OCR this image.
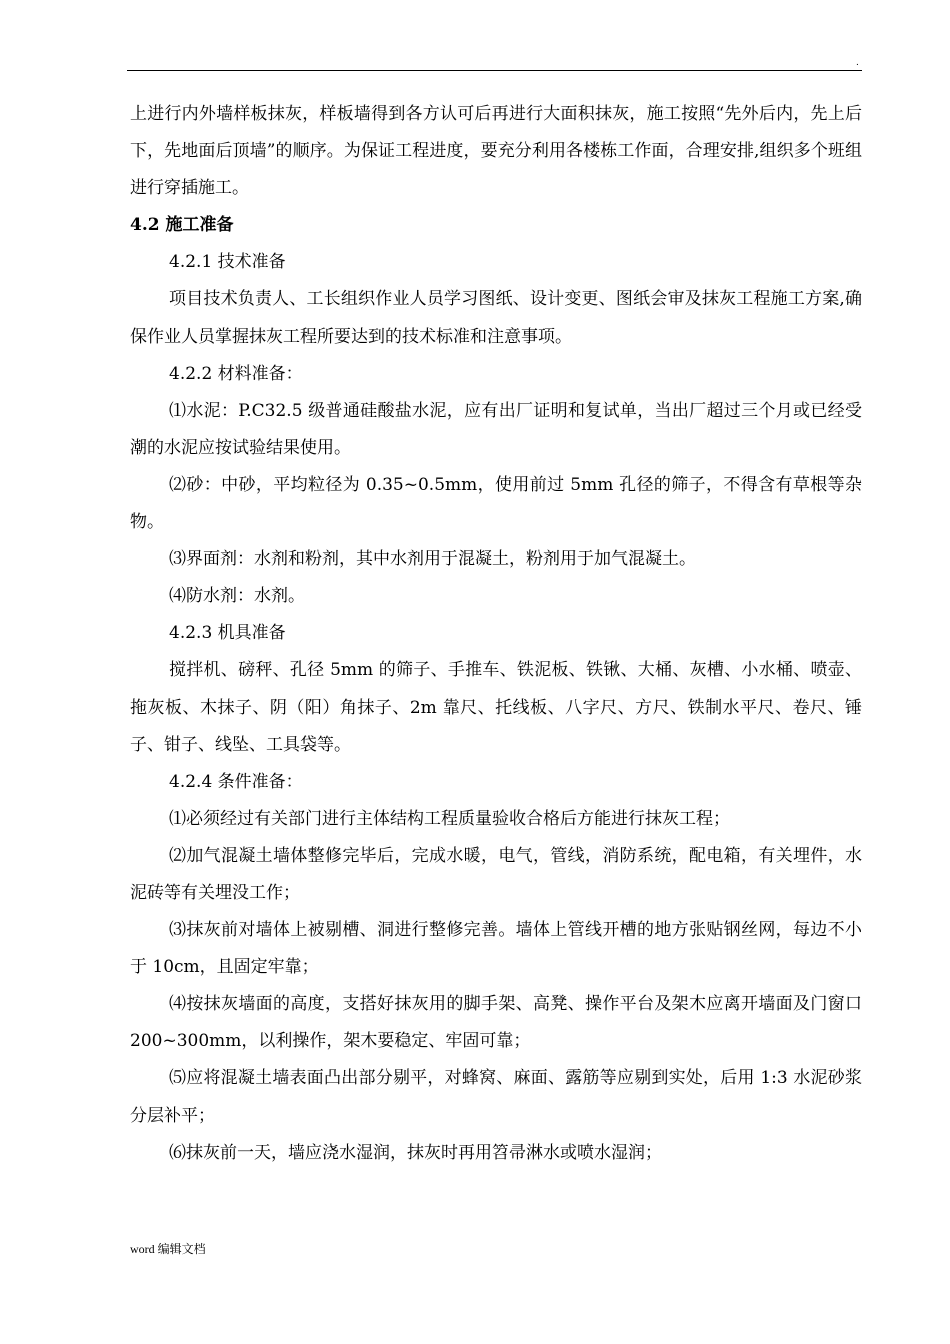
.

上进行内外墙样板抹灰，样板墙得到各方认可后再进行大面积抹灰，施工按照“先外后内，先上后下，先地面后顶墙”的顺序。为保证工程进度，要充分利用各楼栋工作面，合理安排,组织多个班组进行穿插施工。

4.2 施工准备

4.2.1 技术准备

项目技术负责人、工长组织作业人员学习图纸、设计变更、图纸会审及抹灰工程施工方案,确保作业人员掌握抹灰工程所要达到的技术标准和注意事项。

4.2.2 材料准备：

⑴水泥：P.C32.5 级普通硅酸盐水泥，应有出厂证明和复试单，当出厂超过三个月或已经受潮的水泥应按试验结果使用。

⑵砂：中砂，平均粒径为 0.35~0.5mm，使用前过 5mm 孔径的筛子，不得含有草根等杂物。

⑶界面剂：水剂和粉剂，其中水剂用于混凝土，粉剂用于加气混凝土。

⑷防水剂：水剂。

4.2.3 机具准备

搅拌机、磅秤、孔径 5mm 的筛子、手推车、铁泥板、铁锹、大桶、灰槽、小水桶、喷壶、拖灰板、木抹子、阴（阳）角抹子、2m 靠尺、托线板、八字尺、方尺、铁制水平尺、卷尺、锤子、钳子、线坠、工具袋等。

4.2.4 条件准备：

⑴必须经过有关部门进行主体结构工程质量验收合格后方能进行抹灰工程；

⑵加气混凝土墙体整修完毕后，完成水暖，电气，管线，消防系统，配电箱，有关埋件，水泥砖等有关埋没工作；

⑶抹灰前对墙体上被剔槽、洞进行整修完善。墙体上管线开槽的地方张贴钢丝网，每边不小于 10cm，且固定牢靠；

⑷按抹灰墙面的高度，支搭好抹灰用的脚手架、高凳、操作平台及架木应离开墙面及门窗口 200~300mm，以利操作，架木要稳定、牢固可靠；

⑸应将混凝土墙表面凸出部分剔平，对蜂窝、麻面、露筋等应剔到实处，后用 1:3 水泥砂浆分层补平；

⑹抹灰前一天，墙应浇水湿润，抹灰时再用笤帚淋水或喷水湿润；

word 编辑文档
